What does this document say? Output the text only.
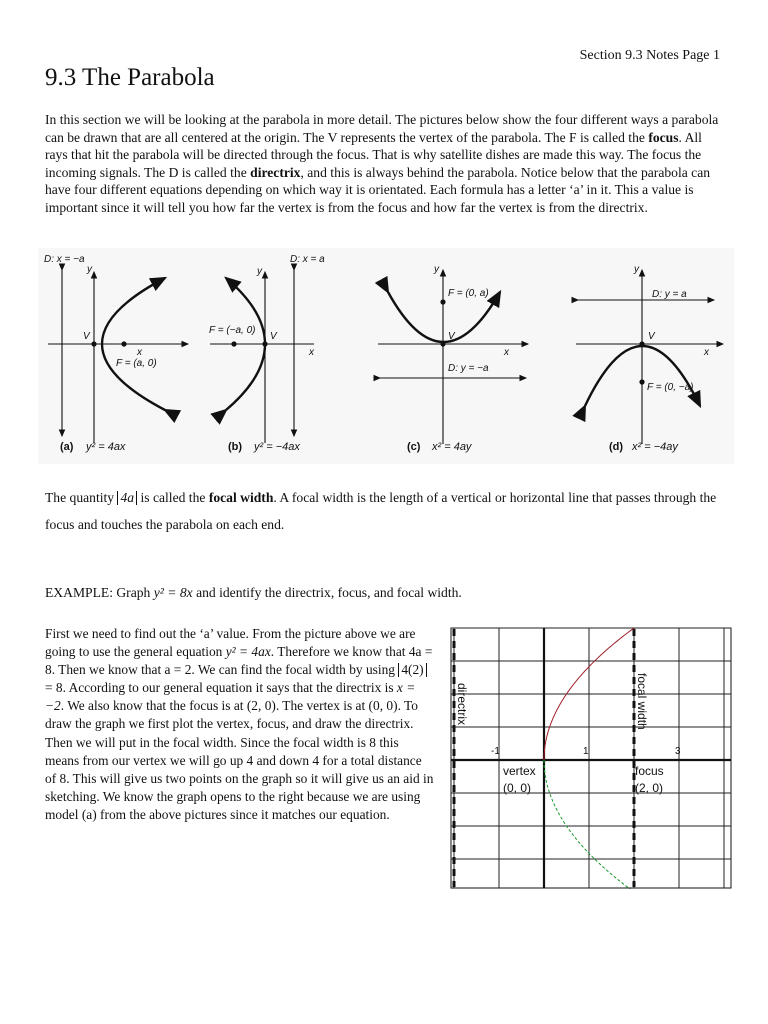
Section 9.3 Notes Page 1
9.3 The Parabola
In this section we will be looking at the parabola in more detail. The pictures below show the four different ways a parabola can be drawn that are all centered at the origin. The V represents the vertex of the parabola. The F is called the focus. All rays that hit the parabola will be directed through the focus. That is why satellite dishes are made this way. The focus the incoming signals. The D is called the directrix, and this is always behind the parabola. Notice below that the parabola can have four different equations depending on which way it is orientated. Each formula has a letter ‘a’ in it. This a value is important since it will tell you how far the vertex is from the focus and how far the vertex is from the directrix.
D: x = −a
y
V
x
F = (a, 0)
D: x = a
y
F = (−a, 0)
V
x
y
F = (0, a)
V
x
D: y = −a
y
D: y = a
V
x
F = (0, −a)
(a) y² = 4ax	(b) y² = −4ax	(c) x² = 4ay	(d) x² = −4ay
The quantity 4a is called the focal width. A focal width is the length of a vertical or horizontal line that passes through the focus and touches the parabola on each end.
EXAMPLE: Graph y² = 8x and identify the directrix, focus, and focal width.
First we need to find out the ‘a’ value. From the picture above we are going to use the general equation y² = 4ax. Therefore we know that 4a = 8. Then we know that a = 2. We can find the focal width by using 4(2) = 8. According to our general equation it says that the directrix is x = −2. We also know that the focus is at (2, 0). The vertex is at (0, 0). To draw the graph we first plot the vertex, focus, and draw the directrix. Then we will put in the focal width. Since the focal width is 8 this means from our vertex we will go up 4 and down 4 for a total distance of 8. This will give us two points on the graph so it will give us an aid in sketching. We know the graph opens to the right because we are using model (a) from the above pictures since it matches our equation.
directrix	focal width
-1	1	3
vertex
(0, 0)
focus
(2, 0)
